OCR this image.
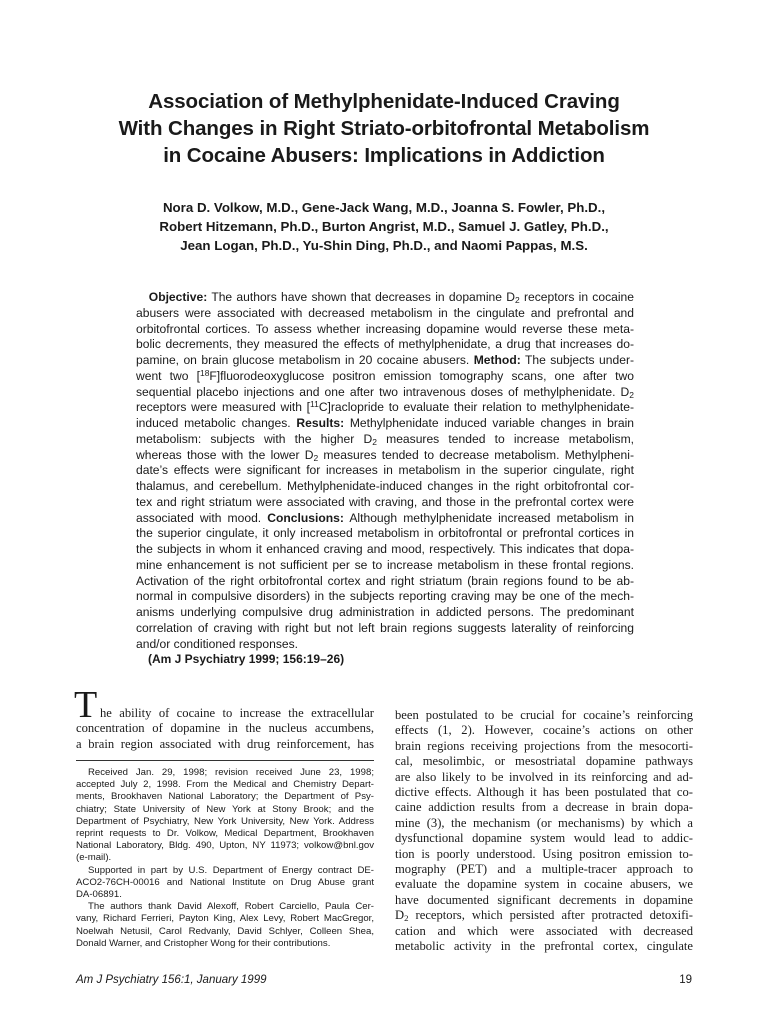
Association of Methylphenidate-Induced Craving
With Changes in Right Striato-orbitofrontal Metabolism
in Cocaine Abusers: Implications in Addiction
Nora D. Volkow, M.D., Gene-Jack Wang, M.D., Joanna S. Fowler, Ph.D.,
Robert Hitzemann, Ph.D., Burton Angrist, M.D., Samuel J. Gatley, Ph.D.,
Jean Logan, Ph.D., Yu-Shin Ding, Ph.D., and Naomi Pappas, M.S.
Objective: The authors have shown that decreases in dopamine $D_2$ receptors in cocaine
abusers were associated with decreased metabolism in the cingulate and prefrontal and
orbitofrontal cortices. To assess whether increasing dopamine would reverse these meta-
bolic decrements, they measured the effects of methylphenidate, a drug that increases do-
pamine, on brain glucose metabolism in 20 cocaine abusers. Method: The subjects under-
went two [$^{18}$F]fluorodeoxyglucose positron emission tomography scans, one after two
sequential placebo injections and one after two intravenous doses of methylphenidate. $D_2$
receptors were measured with [$^{11}$C]raclopride to evaluate their relation to methylphenidate-
induced metabolic changes. Results: Methylphenidate induced variable changes in brain
metabolism: subjects with the higher $D_2$ measures tended to increase metabolism,
whereas those with the lower $D_2$ measures tended to decrease metabolism. Methylpheni-
date’s effects were significant for increases in metabolism in the superior cingulate, right
thalamus, and cerebellum. Methylphenidate-induced changes in the right orbitofrontal cor-
tex and right striatum were associated with craving, and those in the prefrontal cortex were
associated with mood. Conclusions: Although methylphenidate increased metabolism in
the superior cingulate, it only increased metabolism in orbitofrontal or prefrontal cortices in
the subjects in whom it enhanced craving and mood, respectively. This indicates that dopa-
mine enhancement is not sufficient per se to increase metabolism in these frontal regions.
Activation of the right orbitofrontal cortex and right striatum (brain regions found to be ab-
normal in compulsive disorders) in the subjects reporting craving may be one of the mech-
anisms underlying compulsive drug administration in addicted persons. The predominant
correlation of craving with right but not left brain regions suggests laterality of reinforcing
and/or conditioned responses.
(Am J Psychiatry 1999; 156:19–26)
T he ability of cocaine to increase the extracellular
concentration of dopamine in the nucleus accumbens,
a brain region associated with drug reinforcement, has
Received Jan. 29, 1998; revision received June 23, 1998;
accepted July 2, 1998. From the Medical and Chemistry Depart-
ments, Brookhaven National Laboratory; the Department of Psy-
chiatry; State University of New York at Stony Brook; and the
Department of Psychiatry, New York University, New York. Address
reprint requests to Dr. Volkow, Medical Department, Brookhaven
National Laboratory, Bldg. 490, Upton, NY 11973; volkow@bnl.gov
(e-mail).
Supported in part by U.S. Department of Energy contract DE-
ACO2-76CH-00016 and National Institute on Drug Abuse grant
DA-06891.
The authors thank David Alexoff, Robert Carciello, Paula Cer-
vany, Richard Ferrieri, Payton King, Alex Levy, Robert MacGregor,
Noelwah Netusil, Carol Redvanly, David Schlyer, Colleen Shea,
Donald Warner, and Cristopher Wong for their contributions.
been postulated to be crucial for cocaine’s reinforcing
effects (1, 2). However, cocaine’s actions on other
brain regions receiving projections from the mesocorti-
cal, mesolimbic, or mesostriatal dopamine pathways
are also likely to be involved in its reinforcing and ad-
dictive effects. Although it has been postulated that co-
caine addiction results from a decrease in brain dopa-
mine (3), the mechanism (or mechanisms) by which a
dysfunctional dopamine system would lead to addic-
tion is poorly understood. Using positron emission to-
mography (PET) and a multiple-tracer approach to
evaluate the dopamine system in cocaine abusers, we
have documented significant decrements in dopamine
$D_2$ receptors, which persisted after protracted detoxifi-
cation and which were associated with decreased
metabolic activity in the prefrontal cortex, cingulate
Am J Psychiatry 156:1, January 1999	19
